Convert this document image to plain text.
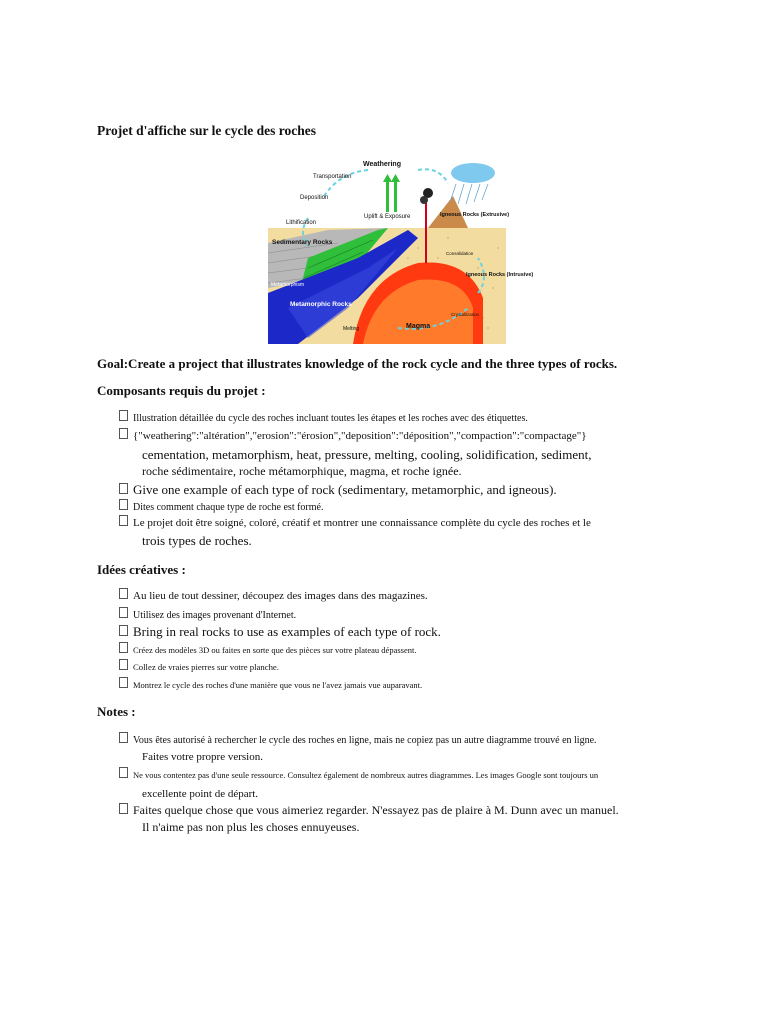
Projet d'affiche sur le cycle des roches
Weathering
Transportation
Deposition
Lithification
Uplift & Exposure
Sedimentary Rocks
Metamorphism
Metamorphic Rocks
Melting	Magma
Igneous Rocks (Extrusive)
Consolidation
Igneous Rocks (Intrusive)
Crystallization
Goal:Create a project that illustrates knowledge of the rock cycle and the three types of rocks.
Composants requis du projet :
Illustration détaillée du cycle des roches incluant toutes les étapes et les roches avec des étiquettes.
{"weathering":"altération","erosion":"érosion","deposition":"déposition","compaction":"compactage"}
cementation, metamorphism, heat, pressure, melting, cooling, solidification, sediment,
roche sédimentaire, roche métamorphique, magma, et roche ignée.
Give one example of each type of rock (sedimentary, metamorphic, and igneous).
Dites comment chaque type de roche est formé.
Le projet doit être soigné, coloré, créatif et montrer une connaissance complète du cycle des roches et le
trois types de roches.
Idées créatives :
Au lieu de tout dessiner, découpez des images dans des magazines.
Utilisez des images provenant d'Internet.
Bring in real rocks to use as examples of each type of rock.
Créez des modèles 3D ou faites en sorte que des pièces sur votre plateau dépassent.
Collez de vraies pierres sur votre planche.
Montrez le cycle des roches d'une manière que vous ne l'avez jamais vue auparavant.
Notes :
Vous êtes autorisé à rechercher le cycle des roches en ligne, mais ne copiez pas un autre diagramme trouvé en ligne.
Faites votre propre version.
Ne vous contentez pas d'une seule ressource. Consultez également de nombreux autres diagrammes. Les images Google sont toujours un
excellente point de départ.
Faites quelque chose que vous aimeriez regarder. N'essayez pas de plaire à M. Dunn avec un manuel.
Il n'aime pas non plus les choses ennuyeuses.
